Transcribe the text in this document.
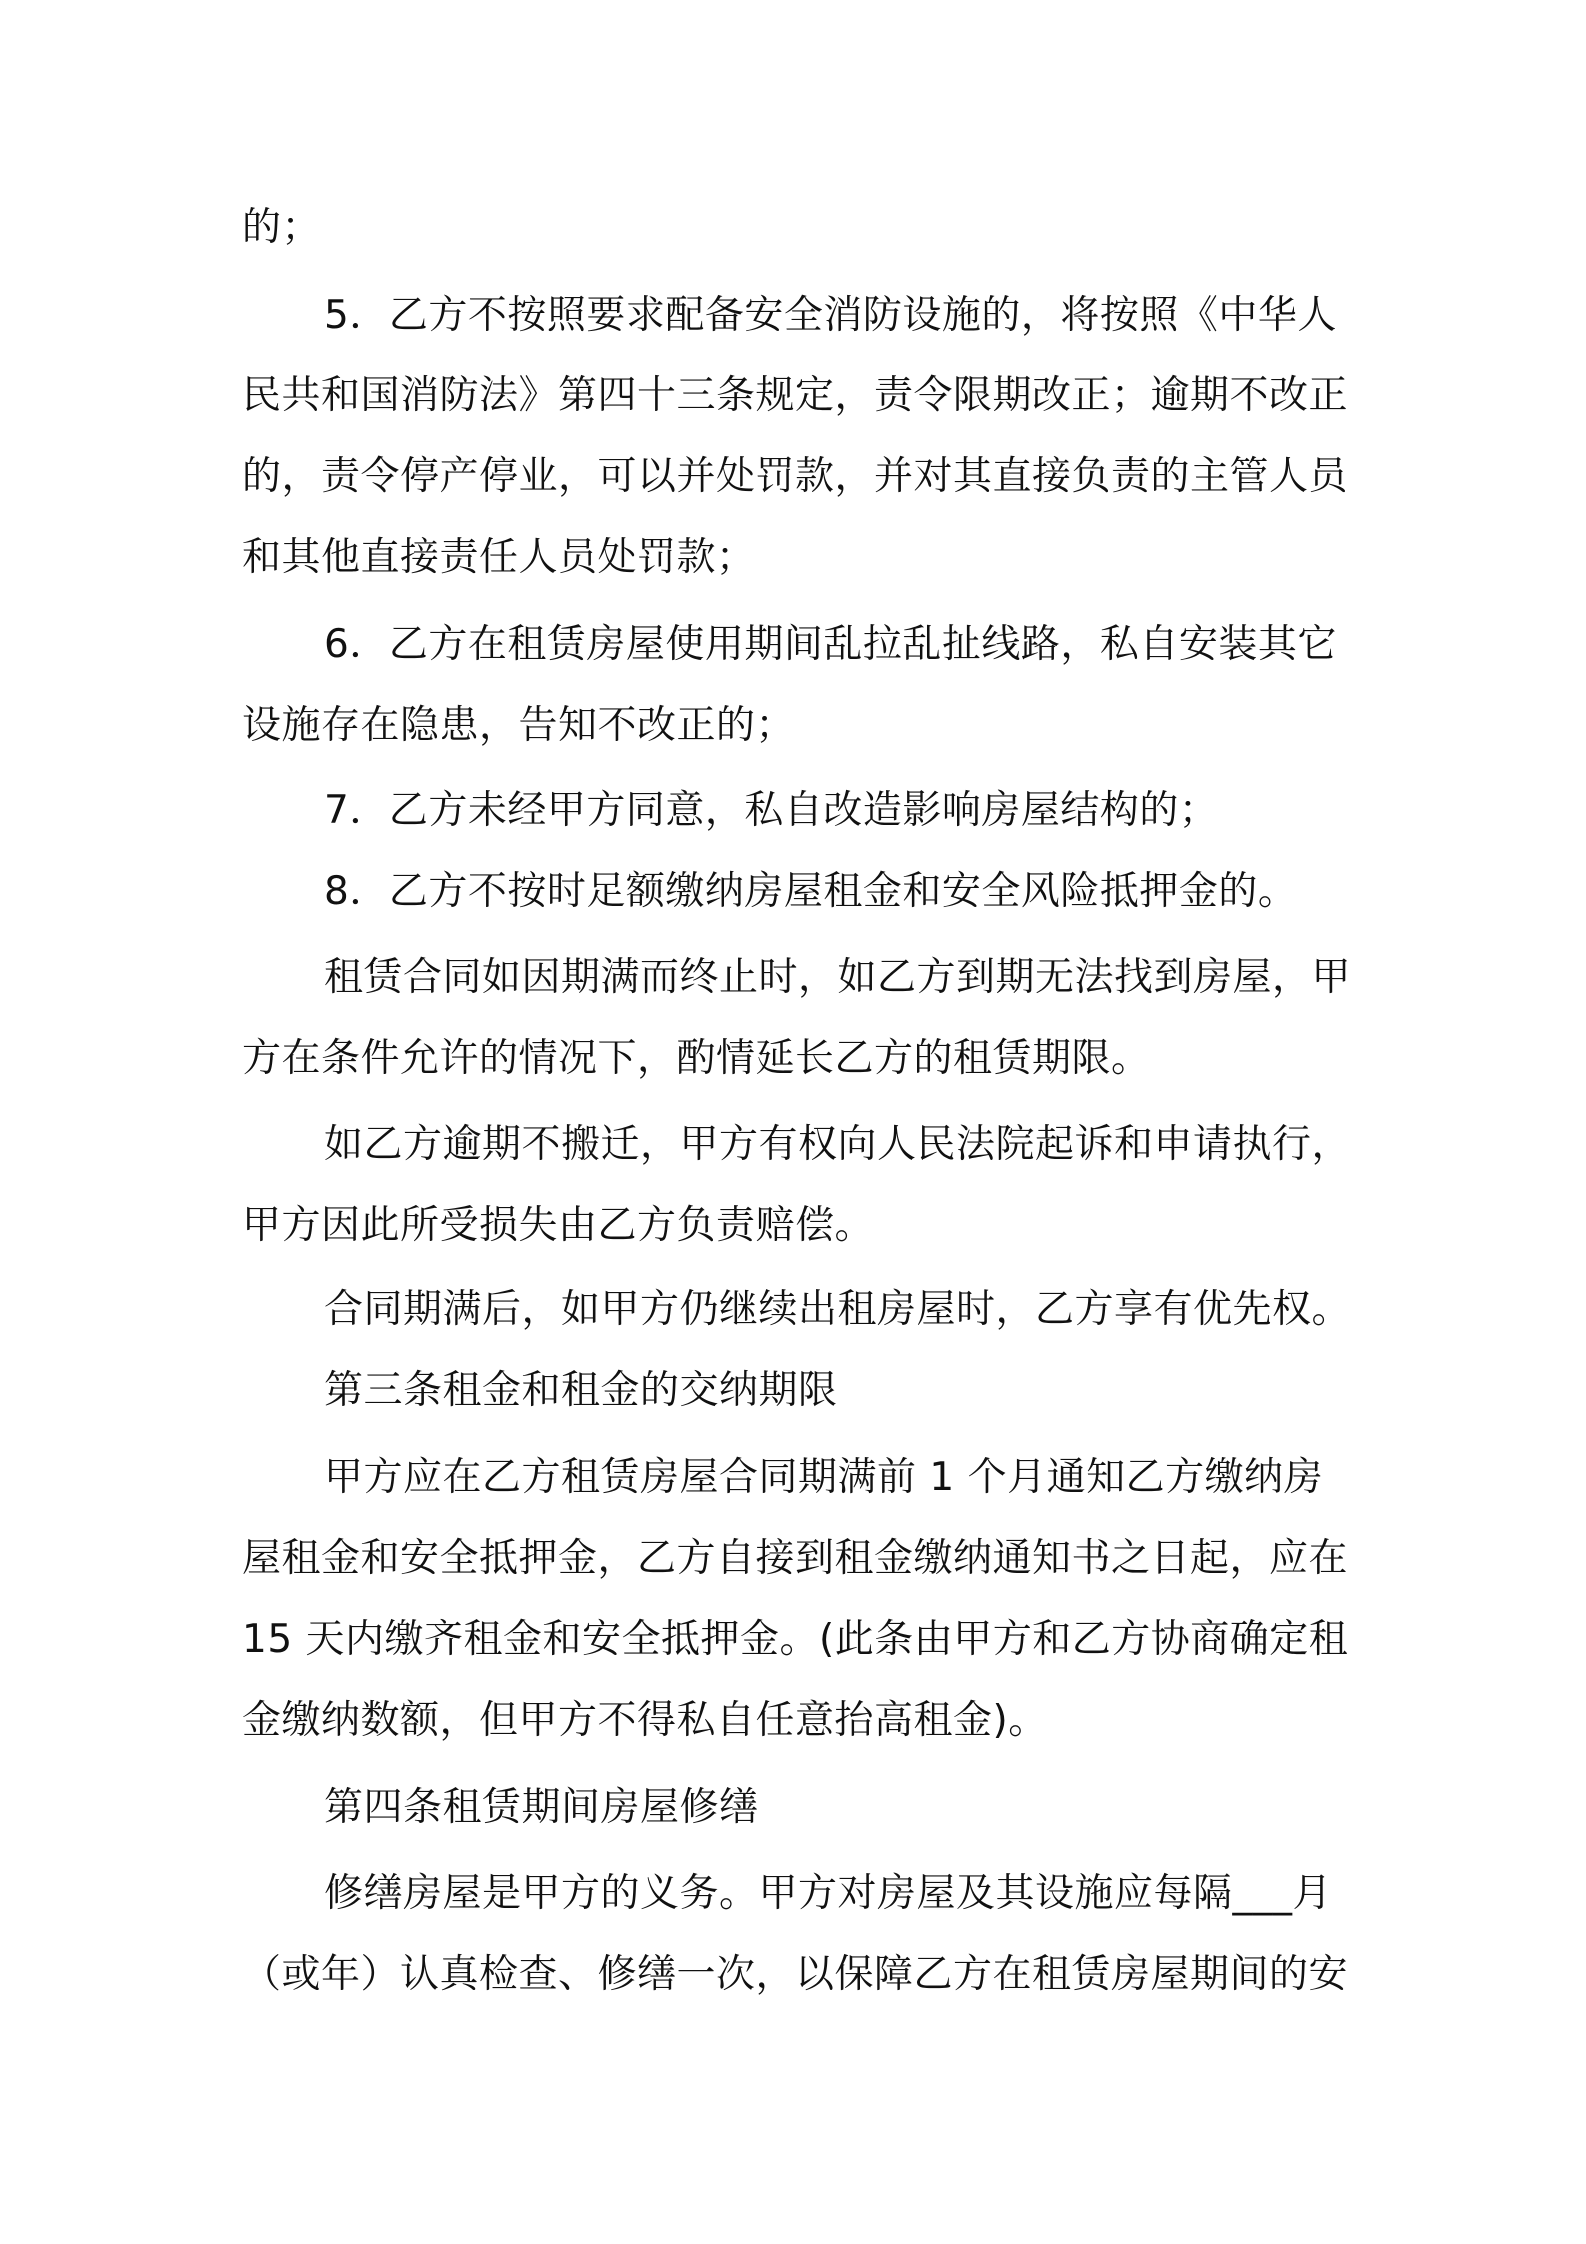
的；
5．乙方不按照要求配备安全消防设施的，将按照《中华人
民共和国消防法》第四十三条规定，责令限期改正；逾期不改正
的，责令停产停业，可以并处罚款，并对其直接负责的主管人员
和其他直接责任人员处罚款；
6．乙方在租赁房屋使用期间乱拉乱扯线路，私自安装其它
设施存在隐患，告知不改正的；
7．乙方未经甲方同意，私自改造影响房屋结构的；
8．乙方不按时足额缴纳房屋租金和安全风险抵押金的。
租赁合同如因期满而终止时，如乙方到期无法找到房屋，甲
方在条件允许的情况下，酌情延长乙方的租赁期限。
如乙方逾期不搬迁，甲方有权向人民法院起诉和申请执行，
甲方因此所受损失由乙方负责赔偿。
合同期满后，如甲方仍继续出租房屋时，乙方享有优先权。
第三条租金和租金的交纳期限
甲方应在乙方租赁房屋合同期满前 1 个月通知乙方缴纳房
屋租金和安全抵押金，乙方自接到租金缴纳通知书之日起，应在
15 天内缴齐租金和安全抵押金。(此条由甲方和乙方协商确定租
金缴纳数额，但甲方不得私自任意抬高租金)。
第四条租赁期间房屋修缮
修缮房屋是甲方的义务。甲方对房屋及其设施应每隔___月
（或年）认真检查、修缮一次，以保障乙方在租赁房屋期间的安
